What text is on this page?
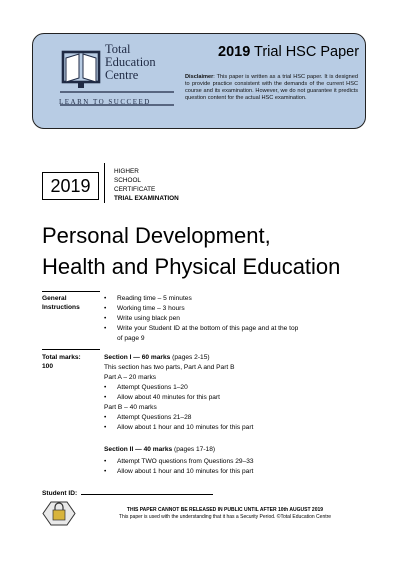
Total
Education
Centre
LEARN TO SUCCEED
2019 Trial HSC Paper
Disclaimer: This paper is written as a trial HSC paper. It is designed to provide practice consistent with the demands of the current HSC course and its examination. However, we do not guarantee it predicts question content for the actual HSC examination.
2019
HIGHER
SCHOOL
CERTIFICATE
TRIAL EXAMINATION
Personal Development,
Health and Physical Education
General
Instructions
• Reading time – 5 minutes
• Working time – 3 hours
• Write using black pen
• Write your Student ID at the bottom of this page and at the top of page 9
Total marks:
100
Section I — 60 marks (pages 2-15)
This section has two parts, Part A and Part B
Part A – 20 marks
• Attempt Questions 1–20
• Allow about 40 minutes for this part
Part B – 40 marks
• Attempt Questions 21–28
• Allow about 1 hour and 10 minutes for this part
Section II — 40 marks (pages 17-18)
• Attempt TWO questions from Questions 29–33
• Allow about 1 hour and 10 minutes for this part
Student ID:
THIS PAPER CANNOT BE RELEASED IN PUBLIC UNTIL AFTER 10th AUGUST 2019
This paper is used with the understanding that it has a Security Period. ©Total Education Centre
